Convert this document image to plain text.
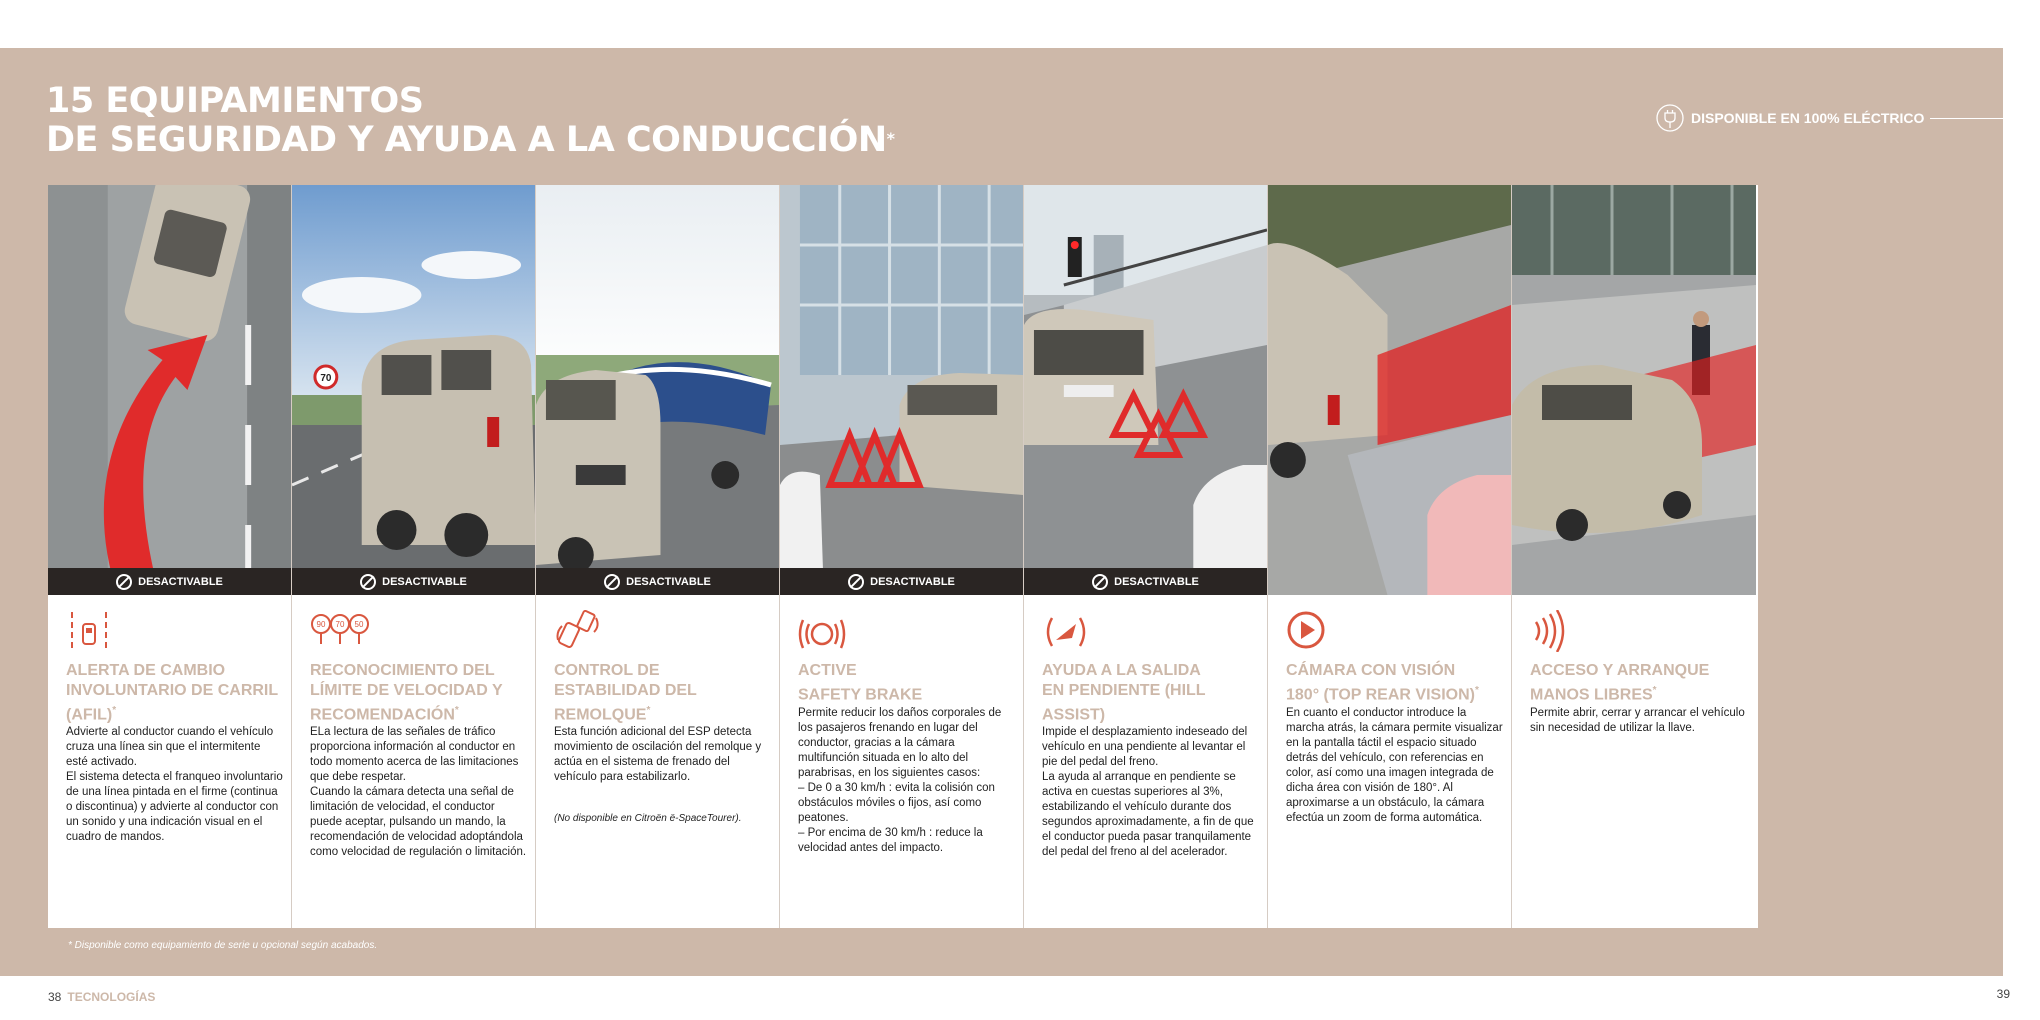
15 EQUIPAMIENTOS
DE SEGURIDAD Y AYUDA A LA CONDUCCIÓN*
DISPONIBLE EN 100% ELÉCTRICO
DESACTIVABLE
ALERTA DE CAMBIO
INVOLUNTARIO DE CARRIL (AFIL)*

Advierte al conductor cuando el vehículo cruza una línea sin que el intermitente esté activado.
El sistema detecta el franqueo involuntario de una línea pintada en el firme (continua o discontinua) y advierte al conductor con un sonido y una indicación visual en el cuadro de mandos.

70
DESACTIVABLE
90 70 50
RECONOCIMIENTO DEL
LÍMITE DE VELOCIDAD Y RECOMENDACIÓN*

ELa lectura de las señales de tráfico proporciona información al conductor en todo momento acerca de las limitaciones que debe respetar.
Cuando la cámara detecta una señal de limitación de velocidad, el conductor puede aceptar, pulsando un mando, la recomendación de velocidad adoptándola como velocidad de regulación o limitación.

DESACTIVABLE
CONTROL DE
ESTABILIDAD DEL REMOLQUE*

Esta función adicional del ESP detecta movimiento de oscilación del remolque y actúa en el sistema de frenado del vehículo para estabilizarlo.

(No disponible en Citroën ë-SpaceTourer).

DESACTIVABLE
ACTIVE
SAFETY BRAKE

Permite reducir los daños corporales de los pasajeros frenando en lugar del conductor, gracias a la cámara multifunción situada en lo alto del parabrisas, en los siguientes casos:
– De 0 a 30 km/h : evita la colisión con obstáculos móviles o fijos, así como peatones.
– Por encima de 30 km/h : reduce la velocidad antes del impacto.

DESACTIVABLE
AYUDA A LA SALIDA
EN PENDIENTE (HILL ASSIST)

Impide el desplazamiento indeseado del vehículo en una pendiente al levantar el pie del pedal del freno.
La ayuda al arranque en pendiente se activa en cuestas superiores al 3%, estabilizando el vehículo durante dos segundos aproximadamente, a fin de que el conductor pueda pasar tranquilamente del pedal del freno al del acelerador.

CÁMARA CON VISIÓN
180° (TOP REAR VISION)*

En cuanto el conductor introduce la marcha atrás, la cámara permite visualizar en la pantalla táctil el espacio situado detrás del vehículo, con referencias en color, así como una imagen integrada de dicha área con visión de 180°. Al aproximarse a un obstáculo, la cámara efectúa un zoom de forma automática.

ACCESO Y ARRANQUE
MANOS LIBRES*

Permite abrir, cerrar y arrancar el vehículo sin necesidad de utilizar la llave.

* Disponible como equipamiento de serie u opcional según acabados.
38 TECNOLOGÍAS	39
